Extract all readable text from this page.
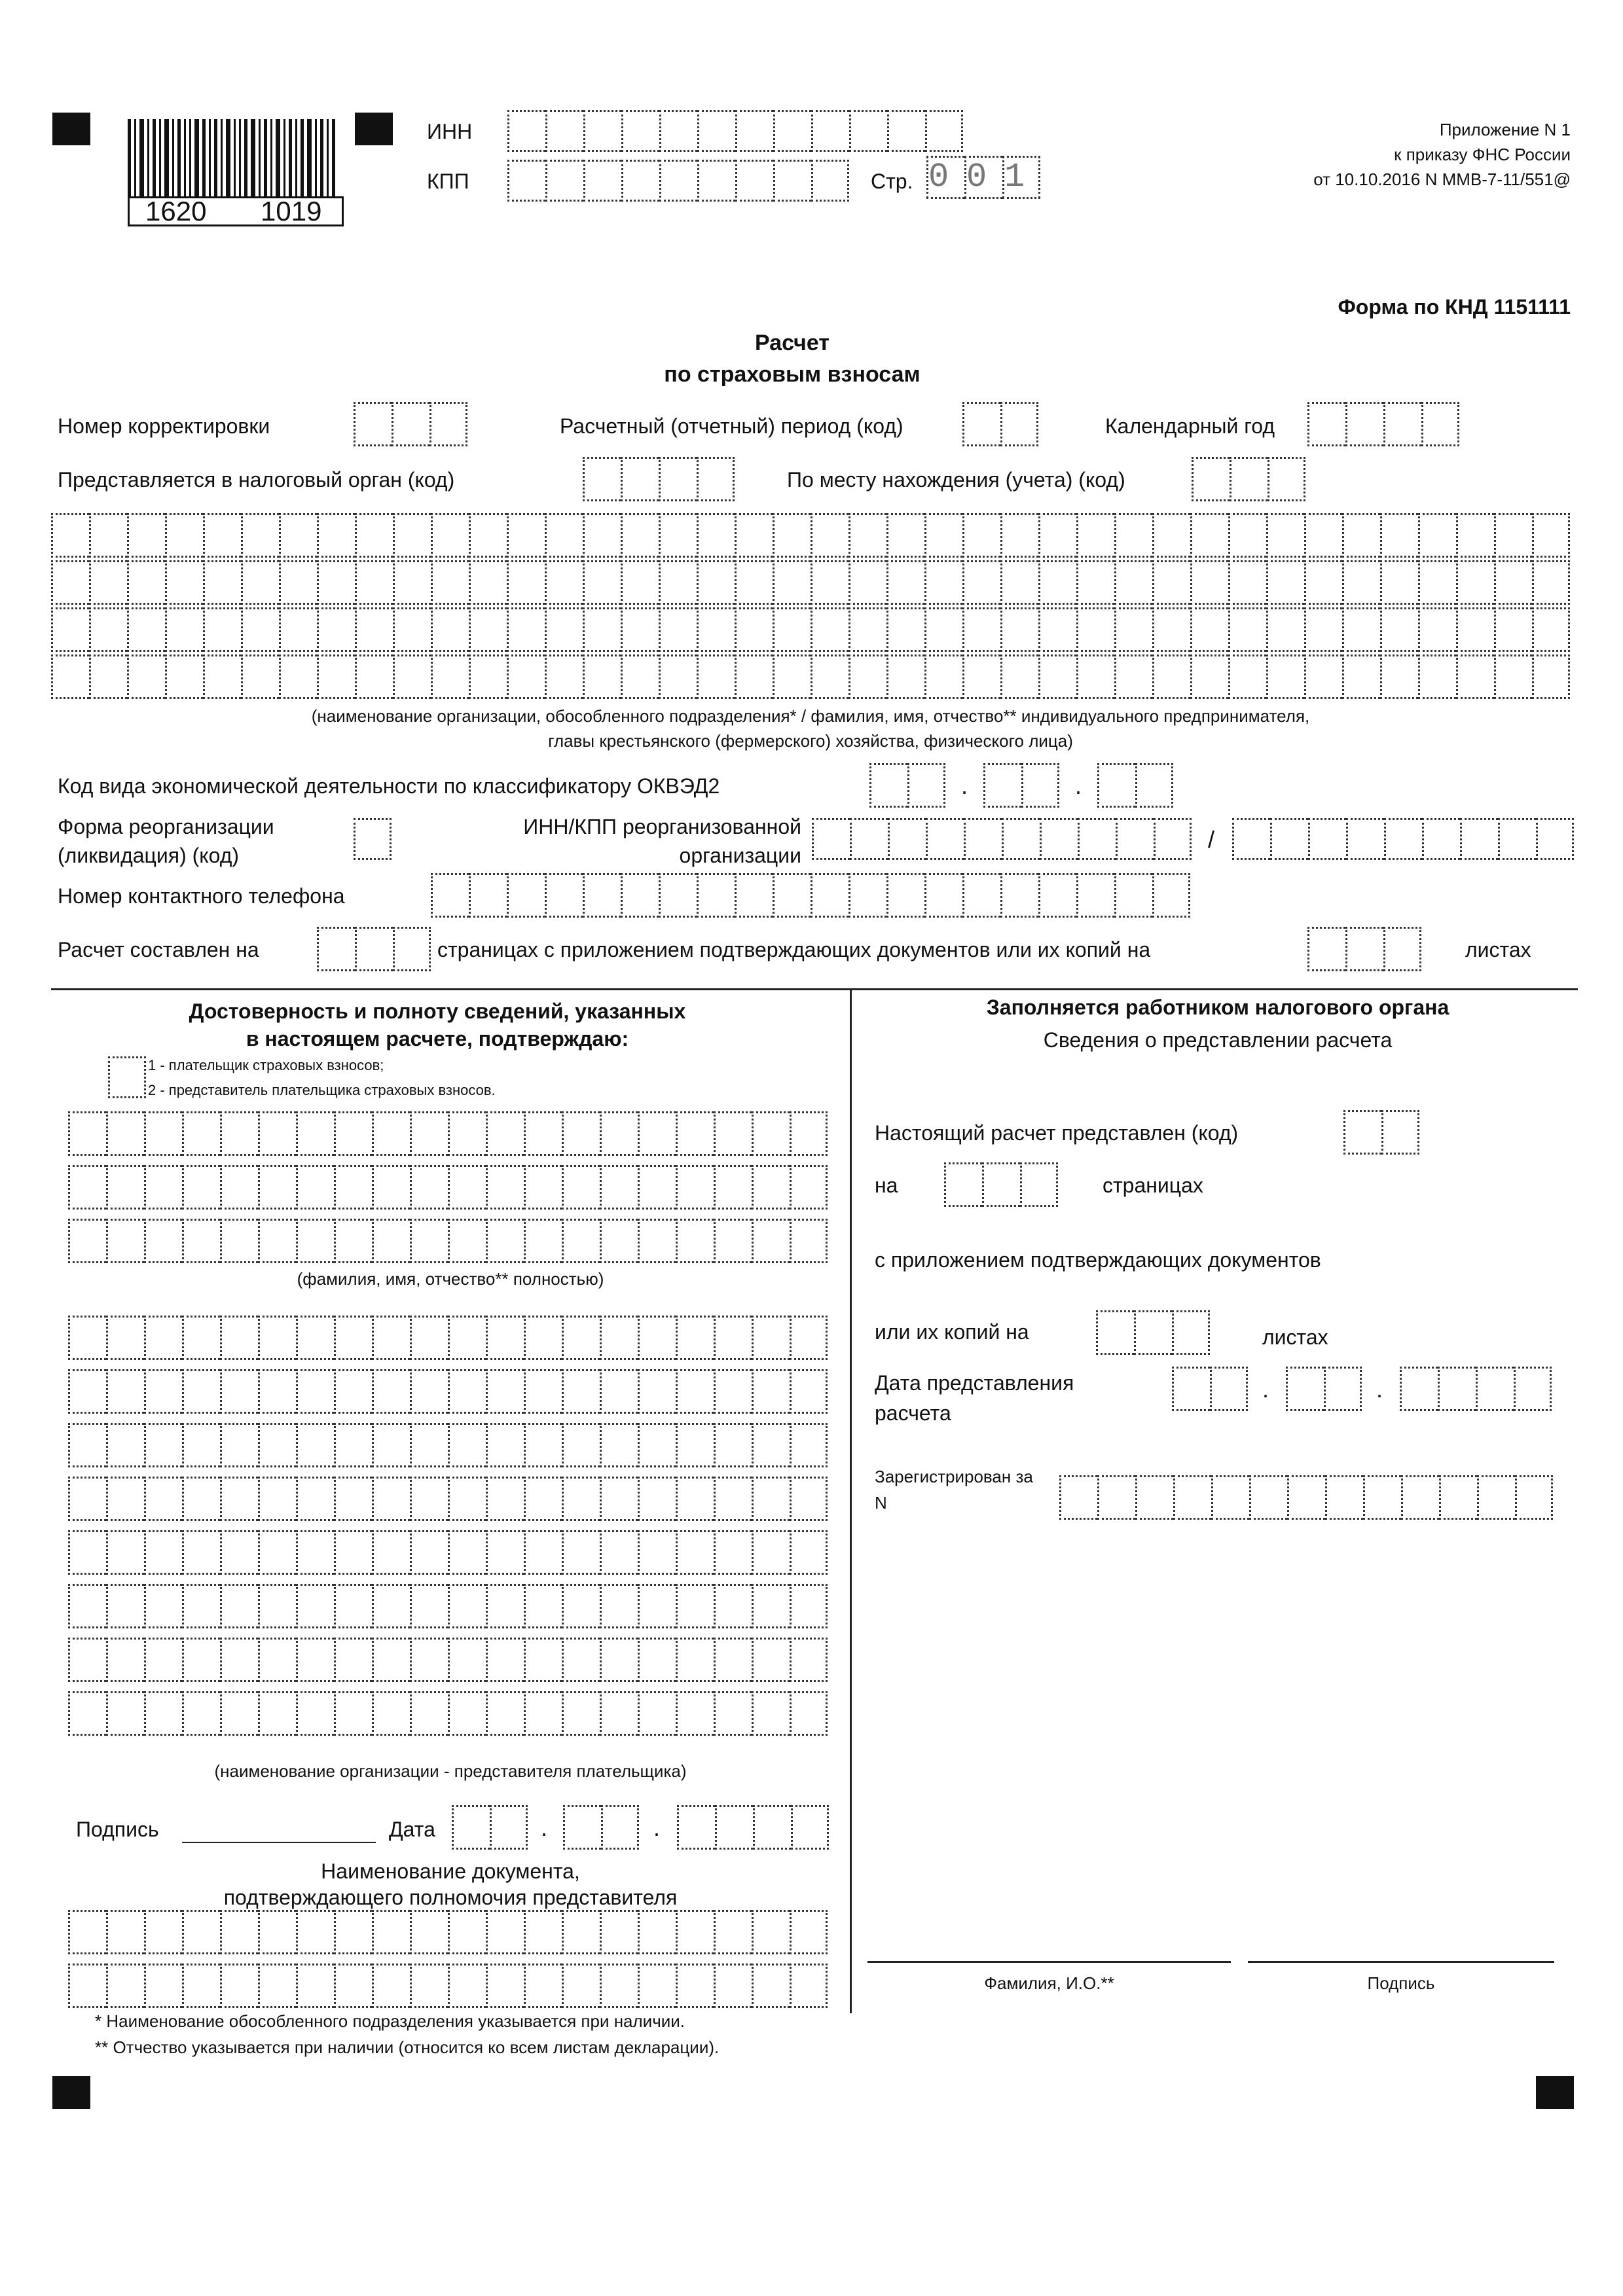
1620 1019
ИНН
КПП	Стр. 0 0 1
Приложение N 1
к приказу ФНС России
от 10.10.2016 N ММВ-7-11/551@
Форма по КНД 1151111
Расчет
по страховым взносам
Номер корректировки	Расчетный (отчетный) период (код)	Календарный год
Представляется в налоговый орган (код)	По месту нахождения (учета) (код)
(наименование организации, обособленного подразделения* / фамилия, имя, отчество** индивидуального предпринимателя,
главы крестьянского (фермерского) хозяйства, физического лица)
Код вида экономической деятельности по классификатору ОКВЭД2	.	.
Форма реорганизации
(ликвидация) (код)
ИНН/КПП реорганизованной
организации
/
Номер контактного телефона
Расчет составлен на	страницах с приложением подтверждающих документов или их копий на	листах
Достоверность и полноту сведений, указанных
в настоящем расчете, подтверждаю:
1 - плательщик страховых взносов;
2 - представитель плательщика страховых взносов.
(фамилия, имя, отчество** полностью)
(наименование организации - представителя плательщика)
Подпись	Дата	.	.
Наименование документа,
подтверждающего полномочия представителя
Заполняется работником налогового органа
Сведения о представлении расчета
Настоящий расчет представлен (код)
на	страницах
с приложением подтверждающих документов
или их копий на	листах
Дата представления
расчета
.	.
Зарегистрирован за
N
Фамилия, И.О.**	Подпись
* Наименование обособленного подразделения указывается при наличии.
** Отчество указывается при наличии (относится ко всем листам декларации).
